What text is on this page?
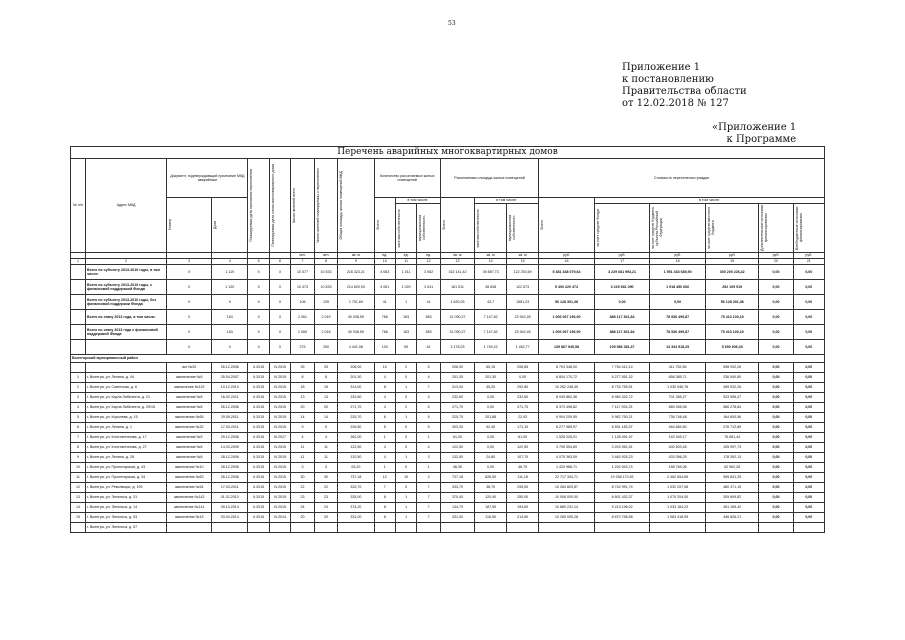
53
Приложение 1
к постановлению
Правительства области
от 12.02.2018 № 127
«Приложение 1
к Программе
Перечень аварийных многоквартирных домов																				
№ п/п	Адрес МКД	Документ, подтверждающий признание МКД аварийным		Планируемая дата окончания переселения	Планируемая дата сноса многоквартирного дома	Число жителей всего	Число жителей планируемых к переселению	Общая площадь жилых помещений МКД	Количество расселяемых жилых помещений			Расселяемая площадь жилых помещений			Стоимость переселения граждан					

		Номер	Дата						Всего	в том числе:		Всего	в том числе:		Всего	в том числе:				

										частная собственность	муниципальная собственность		частная собственность	муниципальная собственность		за счет средств Фонда	за счет средств бюджета субъекта Российской Федерации	за счет средств местного бюджета	Дополнительные источники финансирования	Внебюджетные источники финансирования

						чел.	чел.	кв. м	ед.	ед.	ед.	кв. м	кв. м	кв. м	руб.	руб.	руб.	руб.	руб.	руб.
1	2	3	4	5	6	7	8	9	10	11	12	13	14	15	16	17	18	19	20	21
	Всего по субъекту 2013-2016 годы, в том числе:	X	1 119	X	X	10 577	10 533	216 323,21	4 083	1 011	3 062	162 141,42	39 887,73	122 253,69	5 481 348 079,64	3 229 681 993,21	1 951 433 685,90	300 200 226,42	0,00	0,00
	Всего по субъекту 2013-2016 годы, с финансовой поддержкой Фонда	X	1 120	X	X	10 473	10 533	214 820,93	4 061	1 020	3 041	161 511	38 838	122 673	5 400 220 474	3 229 681 090	1 918 450 666	252 109 919	0,00	0,00
	Всего по субъекту 2013-2016 годы, без финансовой поддержки Фонда	X	9	X	X	106	105	1 701,69	41	1	41	1 630,93	43,7	1581,23	56 128 301,38	0,00	0,00	56 128 301,38	0,00	0,00
	Всего по этапу 2013 года, в том числе:	X	163	X	X	2 061	2 019	40 038,59	766	183	583	31 090,27	7 147,82	23 942,45	1 006 067 196,90	888 117 361,84	78 936 499,87	75 413 100,19	0,00	0,00
	Всего по этапу 2013 года с финансовой поддержкой Фонда	X	163	X	X	2 065	2 018	40 038,59	766	183	583	31 090,27	7 147,82	23 942,45	1 006 067 196,90	888 117 361,84	78 936 499,87	75 413 100,19	0,00	0,00
		X	X	X	X	275	250	4 441,08	100	59	61	3 178,03	1 749,22	1 462,77	139 867 945,58	109 586 381,37	13 334 518,25	5 690 936,33	0,00	0,00
Вытегорский муниципальный район																				
		акт №20	28.12.2006	II.2015	IV.2015	25	25	206,00	10	2	5	206,00	65,15	206,85	8 703 348,00	7 754 412,14	411 752,56	598 932,26	0,00	0,00
1	г. Вытегра, ул. Ленина, д. 44	заключение №6	25.04.2007	II.2015	IV.2015	8	8	201,30	4	0	4	201,30	201,30	0,00	6 804 170,72	5 277 551,32	658 385,71	236 540,80	0,00	0,00
2	г. Вытегра, ул. Советская, д. 6	заключение №119	10.12.2010	II.2015	IV.2015	18	15	313,00	8	1	7	313,00	35,20	292,80	10 262 248,49	8 733 755,51	1 030 946,76	495 532,26	0,00	0,00
3	г. Вытегра, ул. Карла Либкнехта, д. 21	заключение №8	16.02.2011	II.2015	IV.2015	13	13	232,60	4	0	4	232,60	0,00	232,60	8 049 862,36	6 983 332,72	701 355,27	533 996,47	0,00	0,00
4	г. Вытегра, ул. Карла Либкнехта, д. 29/15	заключение №8	26.12.2006	II.2015	IV.2015	20	20	271,70	4	2	6	271,70	0,00	271,70	8 373 498,82	7 117 924,23	689 265,08	566 278,84	0,00	0,00
5	г. Вытегра, ул. Королева, д. 15	заключение №65	29.09.2011	II.2015	IV.2015	14	14	225,70	6	1	5	225,70	201,88	22,93	6 904 209,55	5 962 750,21	738 748,48	164 600,56	0,00	0,00
6	г. Вытегра, ул. Ленина, д. 1	заключение №32	17.03.2011	II.2015	IV.2015	9	9	226,50	5	0	5	303,30	92,40	171,10	6 277 989,97	5 591 183,37	464 684,50	276 712,89	0,00	0,00
7	г. Вытегра, ул. Константинова, д. 17	заключение №5	29.12.2006	II.2015	III.2017	4	4	262,00	1	0	1	61,00	0,00	61,00	1 525 226,01	1 128 491,97	143 345,17	76 681,44	0,00	0,00
8	г. Вытегра, ул. Константинова, д. 27	заключение №6	14.03.2009	II.2015	IV.2015	11	11	122,50	4	0	4	122,50	0,00	122,50	3 709 354,69	3 203 951,51	400 503,45	105 997,73	0,00	0,00
9	г. Вытегра, ул. Ленина, д. 28	заключение №8	28.12.2006	II.2015	IV.2015	11	11	132,50	4	1	3	132,50	24,80	107,70	4 075 363,09	3 463 925,23	433 056,25	178 392,13	0,00	0,00
10	г. Вытегра, ул. Пролетарская, д. 43	заключение №10	28.12.2006	II.2015	IV.2015	3	3	63,20	1	0	1	46,30	0,00	46,70	1 420 966,71	1 202 943,74	158 765,06	62 962,28	0,00	0,00
11	г. Вытегра, ул. Пролетарская, д. 34	заключение №63	28.12.2006	II.2015	IV.2015	30	30	737,18	12	10	2	737,18	626,00	111,18	22 717 334,71	19 338 170,53	2 462 654,65	995 841,25	0,00	0,00
12	г. Вытегра, ул. Революции, д. 199	заключение №54	17.03.2011	II.2015	IV.2015	22	22	333,70	7	0	7	333,70	38,70	295,00	10 264 820,87	8 742 991,74	1 032 207,08	480 471,15	0,00	0,00
13	г. Вытегра, ул. Энгельса, д. 31	заключение №142	01.02.2010	II.2015	IV.2015	23	23	335,00	8	1	7	370,40	120,40	250,00	10 008 000,00	8 601 432,37	1 070 204,00	309 609,82	0,00	0,00
14	г. Вытегра, ул. Энгельса, д. 14	заключение №141	09.10.2014	II.2015	IV.2015	24	24	374,20	8	1	7	134,70	187,90	194,60	10 680 231,14	9 213 196,02	1 033 164,23	451 159,42	0,00	0,00
15	г. Вытегра, ул. Энгельса, д. 53	заключение №15	03.04.2014	II.2015	IV.2014	20	20	331,00	8	1	7	331,00	116,90	214,60	10 280 005,28	8 670 756,58	1 083 418,99	446 826,21	0,00	0,00
	г. Вытегра, ул. Энгельса, д. 57																			
